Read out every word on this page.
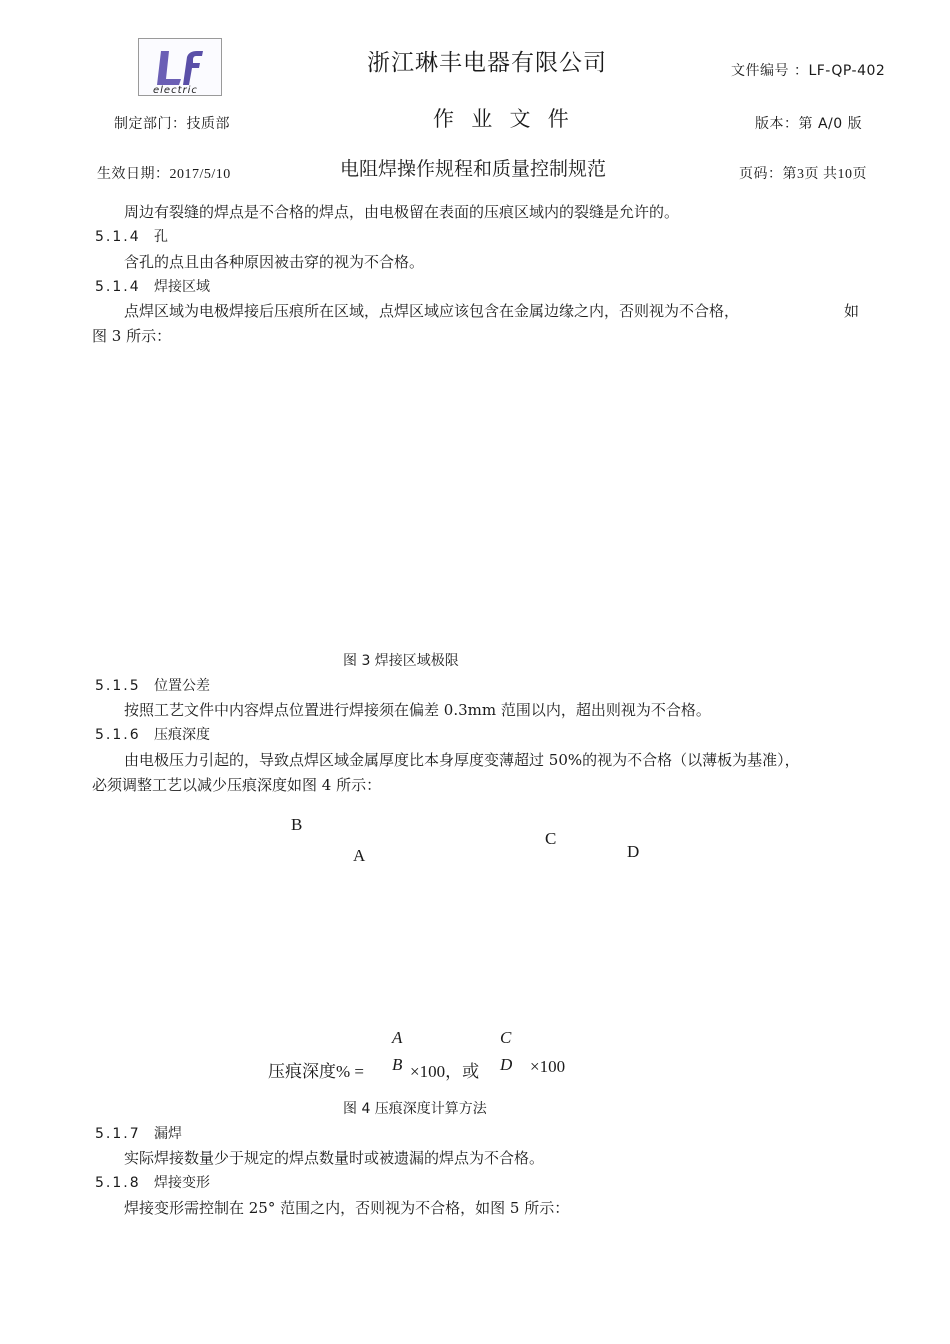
electric
浙江琳丰电器有限公司	文件编号 ：LF-QP-402
制定部门：技质部	作 业 文 件	版本：第 A/0 版
生效日期：2017/5/10	电阻焊操作规程和质量控制规范	页码：第3页 共10页
周边有裂缝的焊点是不合格的焊点，由电极留在表面的压痕区域内的裂缝是允许的。
5.1.4 孔
含孔的点且由各种原因被击穿的视为不合格。
5.1.4 焊接区域
点焊区域为电极焊接后压痕所在区域，点焊区域应该包含在金属边缘之内，否则视为不合格，	如
图 3 所示：
图 3 焊接区域极限
5.1.5 位置公差
按照工艺文件中内容焊点位置进行焊接须在偏差 0.3mm 范围以内，超出则视为不合格。
5.1.6 压痕深度
由电极压力引起的，导致点焊区域金属厚度比本身厚度变薄超过 50%的视为不合格（以薄板为基准），
必须调整工艺以减少压痕深度如图 4 所示：
B
A
C
D
A	C
压痕深度% = B ×100，或 D ×100
图 4 压痕深度计算方法
5.1.7 漏焊
实际焊接数量少于规定的焊点数量时或被遗漏的焊点为不合格。
5.1.8 焊接变形
焊接变形需控制在 25° 范围之内，否则视为不合格，如图 5 所示：
